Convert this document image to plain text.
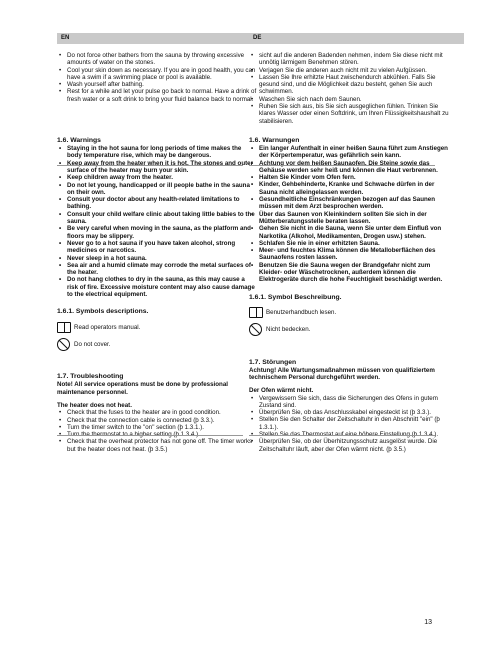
EN	DE
• Do not force other bathers from the sauna by throwing excessive amounts of water on the stones.
• Cool your skin down as necessary. If you are in good health, you can have a swim if a swimming place or pool is available.
• Wash yourself after bathing.
• Rest for a while and let your pulse go back to normal. Have a drink of fresh water or a soft drink to bring your fluid balance back to normal.
1.6. Warnings
• Staying in the hot sauna for long periods of time makes the body temperature rise, which may be dangerous.
• Keep away from the heater when it is hot. The stones and outer surface of the heater may burn your skin.
• Keep children away from the heater.
• Do not let young, handicapped or ill people bathe in the sauna on their own.
• Consult your doctor about any health-related limitations to bathing.
• Consult your child welfare clinic about taking little babies to the sauna.
• Be very careful when moving in the sauna, as the platform and floors may be slippery.
• Never go to a hot sauna if you have taken alcohol, strong medicines or narcotics.
• Never sleep in a hot sauna.
• Sea air and a humid climate may corrode the metal surfaces of the heater.
• Do not hang clothes to dry in the sauna, as this may cause a risk of fire. Excessive moisture content may also cause damage to the electrical equipment.
1.6.1. Symbols descriptions.
Read operators manual.
Do not cover.
1.7. Troubleshooting
Note! All service operations must be done by professional maintenance personnel.
The heater does not heat.
• Check that the fuses to the heater are in good condition.
• Check that the connection cable is connected (þ 3.3.).
• Turn the timer switch to the "on" section (þ 1.3.1.).
• Turn the thermostat to a higher setting (þ 1.3.4.).
• Check that the overheat protector has not gone off. The timer works but the heater does not heat. (þ 3.5.)
• sicht auf die anderen Badenden nehmen, indem Sie diese nicht mit unnötig lärmigem Benehmen stören.
• Verjagen Sie die anderen auch nicht mit zu vielen Aufgüssen.
• Lassen Sie Ihre erhitzte Haut zwischendurch abkühlen. Falls Sie gesund sind, und die Möglichkeit dazu besteht, gehen Sie auch schwimmen.
• Waschen Sie sich nach dem Saunen.
• Ruhen Sie sich aus, bis Sie sich ausgeglichen fühlen. Trinken Sie klares Wasser oder einen Softdrink, um Ihren Flüssigkeitshaushalt zu stabilisieren.
1.6. Warnungen
• Ein langer Aufenthalt in einer heißen Sauna führt zum Anstiegen der Körpertemperatur, was gefährlich sein kann.
• Achtung vor dem heißen Saunaofen. Die Steine sowie das Gehäuse werden sehr heiß und können die Haut verbrennen.
• Halten Sie Kinder vom Ofen fern.
• Kinder, Gehbehinderte, Kranke und Schwache dürfen in der Sauna nicht alleingelassen werden.
• Gesundheitliche Einschränkungen bezogen auf das Saunen müssen mit dem Arzt besprochen werden.
• Über das Saunen von Kleinkindern sollten Sie sich in der Mütterberatungsstelle beraten lassen.
• Gehen Sie nicht in die Sauna, wenn Sie unter dem Einfluß von Narkotika (Alkohol, Medikamenten, Drogen usw.) stehen.
• Schlafen Sie nie in einer erhitzten Sauna.
• Meer- und feuchtes Klima können die Metalloberflächen des Saunaofens rosten lassen.
• Benutzen Sie die Sauna wegen der Brandgefahr nicht zum Kleider- oder Wäschetrocknen, außerdem können die Elektrogeräte durch die hohe Feuchtigkeit beschädigt werden.
1.6.1. Symbol Beschreibung.
Benutzerhandbuch lesen.
Nicht bedecken.
1.7. Störungen
Achtung! Alle Wartungsmaßnahmen müssen von qualifiziertem technischem Personal durchgeführt werden.
Der Ofen wärmt nicht.
• Vergewissern Sie sich, dass die Sicherungen des Ofens in gutem Zustand sind.
• Überprüfen Sie, ob das Anschlusskabel eingesteckt ist (þ 3.3.).
• Stellen Sie den Schalter der Zeitschaltuhr in den Abschnitt "ein" (þ 1.3.1.).
• Stellen Sie das Thermostat auf eine höhere Einstellung (þ 1.3.4.).
• Überprüfen Sie, ob der Überhitzungsschutz ausgelöst wurde. Die Zeitschaltuhr läuft, aber der Ofen wärmt nicht. (þ 3.5.)
13
